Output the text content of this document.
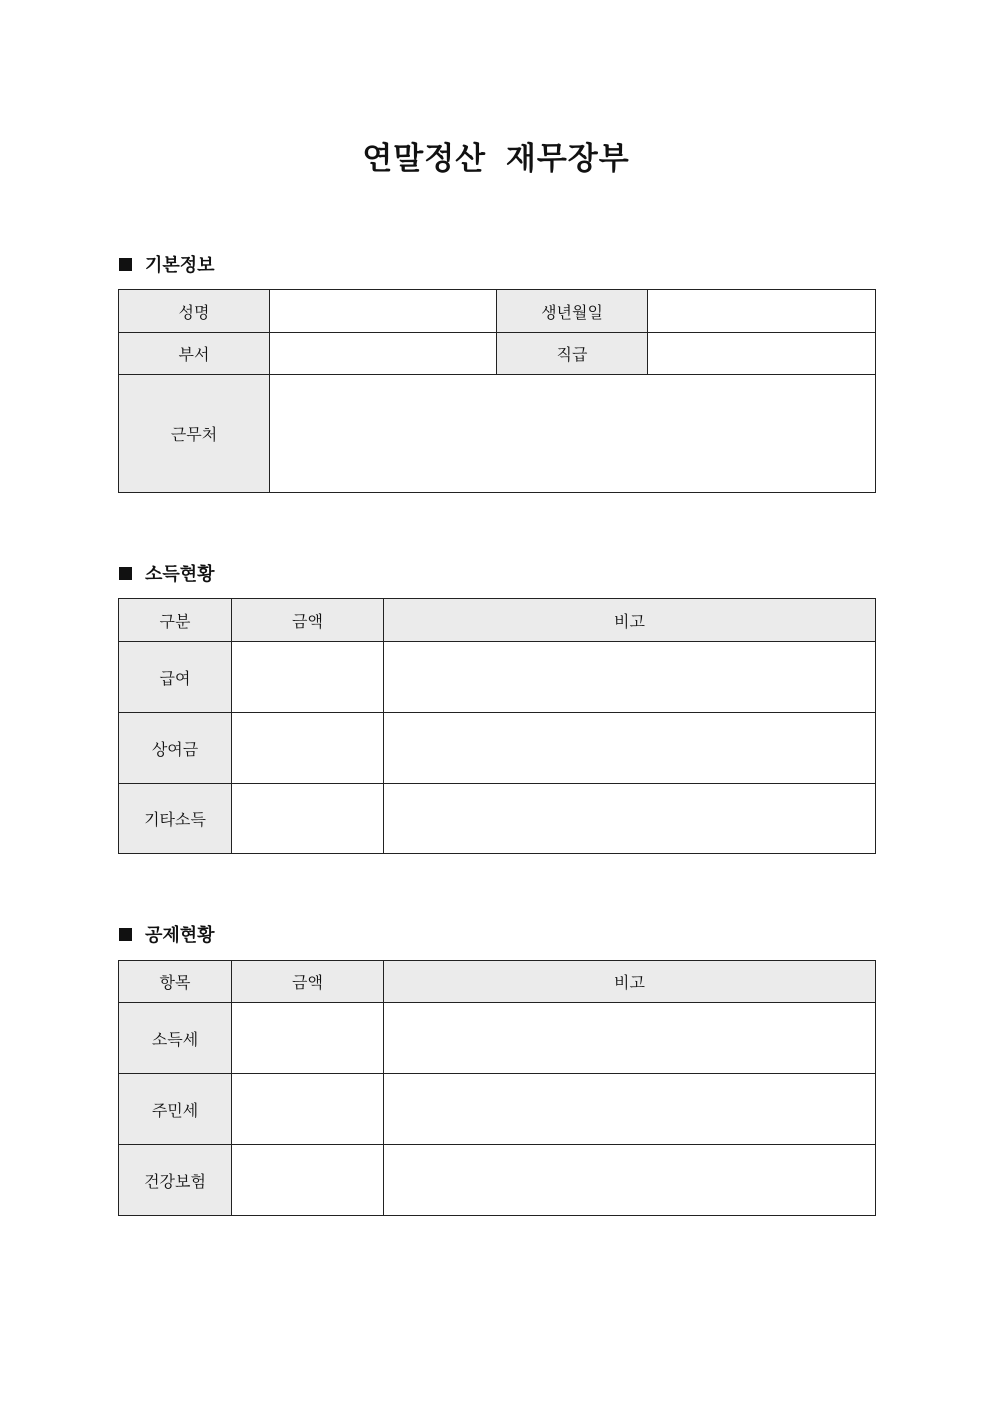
연말정산 재무장부
기본정보
성명		생년월일	
부서		직급	
근무처			
소득현황
구분	금액	비고
급여		
상여금		
기타소득		
공제현황
항목	금액	비고
소득세		
주민세		
건강보험		
